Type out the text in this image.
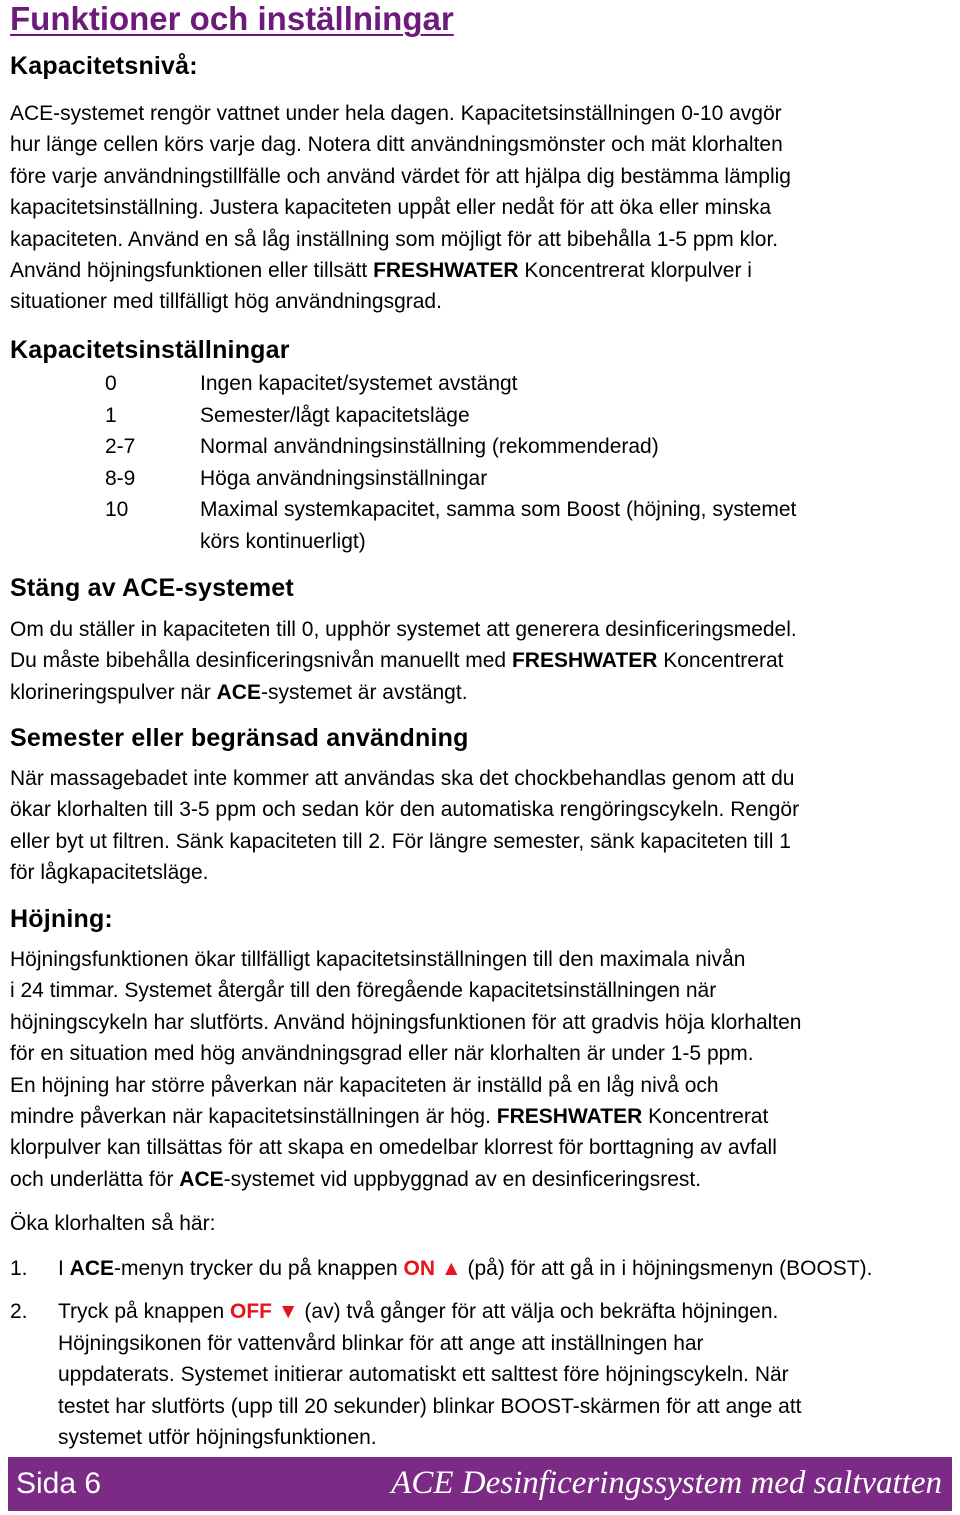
Funktioner och inställningar
Kapacitetsnivå:
ACE-systemet rengör vattnet under hela dagen. Kapacitetsinställningen 0-10 avgör
hur länge cellen körs varje dag. Notera ditt användningsmönster och mät klorhalten
före varje användningstillfälle och använd värdet för att hjälpa dig bestämma lämplig
kapacitetsinställning. Justera kapaciteten uppåt eller nedåt för att öka eller minska
kapaciteten. Använd en så låg inställning som möjligt för att bibehålla 1-5 ppm klor.
Använd höjningsfunktionen eller tillsätt FRESHWATER Koncentrerat klorpulver i
situationer med tillfälligt hög användningsgrad.
Kapacitetsinställningar
0	Ingen kapacitet/systemet avstängt
1	Semester/lågt kapacitetsläge
2-7	Normal användningsinställning (rekommenderad)
8-9	Höga användningsinställningar
10	Maximal systemkapacitet, samma som Boost (höjning, systemet
körs kontinuerligt)
Stäng av ACE-systemet
Om du ställer in kapaciteten till 0, upphör systemet att generera desinficeringsmedel.
Du måste bibehålla desinficeringsnivån manuellt med FRESHWATER Koncentrerat
klorineringspulver när ACE-systemet är avstängt.
Semester eller begränsad användning
När massagebadet inte kommer att användas ska det chockbehandlas genom att du
ökar klorhalten till 3-5 ppm och sedan kör den automatiska rengöringscykeln. Rengör
eller byt ut filtren. Sänk kapaciteten till 2. För längre semester, sänk kapaciteten till 1
för lågkapacitetsläge.
Höjning:
Höjningsfunktionen ökar tillfälligt kapacitetsinställningen till den maximala nivån
i 24 timmar. Systemet återgår till den föregående kapacitetsinställningen när
höjningscykeln har slutförts. Använd höjningsfunktionen för att gradvis höja klorhalten
för en situation med hög användningsgrad eller när klorhalten är under 1-5 ppm.
En höjning har större påverkan när kapaciteten är inställd på en låg nivå och
mindre påverkan när kapacitetsinställningen är hög. FRESHWATER Koncentrerat
klorpulver kan tillsättas för att skapa en omedelbar klorrest för borttagning av avfall
och underlätta för ACE-systemet vid uppbyggnad av en desinficeringsrest.
Öka klorhalten så här:
1.	I ACE-menyn trycker du på knappen ON ▲ (på) för att gå in i höjningsmenyn (BOOST).
2.	Tryck på knappen OFF ▼ (av) två gånger för att välja och bekräfta höjningen.
Höjningsikonen för vattenvård blinkar för att ange att inställningen har
uppdaterats. Systemet initierar automatiskt ett salttest före höjningscykeln. När
testet har slutförts (upp till 20 sekunder) blinkar BOOST-skärmen för att ange att
systemet utför höjningsfunktionen.
Sida 6	ACE Desinficeringssystem med saltvatten
